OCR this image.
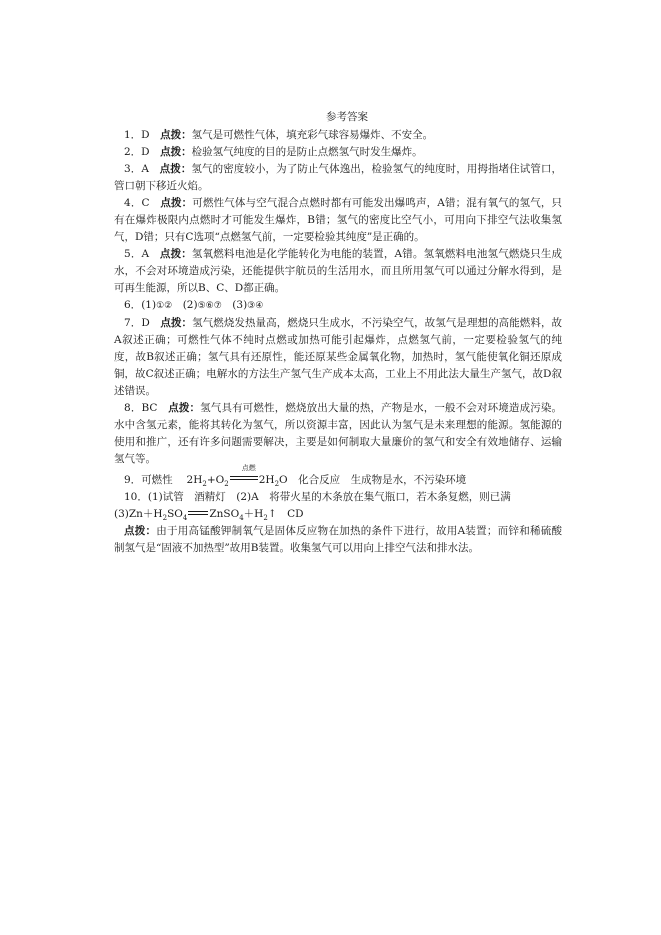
参考答案

1．D　 点拨：氢气是可燃性气体，填充彩气球容易爆炸、不安全。

2．D　 点拨：检验氢气纯度的目的是防止点燃氢气时发生爆炸。

3．A　 点拨：氢气的密度较小，为了防止气体逸出，检验氢气的纯度时，用拇指堵住试管口，管口朝下移近火焰。

4．C　 点拨：可燃性气体与空气混合点燃时都有可能发出爆鸣声，A错；混有氧气的氢气，只有在爆炸极限内点燃时才可能发生爆炸，B错；氢气的密度比空气小，可用向下排空气法收集氢气，D错；只有C选项“点燃氢气前，一定要检验其纯度”是正确的。

5．A　 点拨：氢氧燃料电池是化学能转化为电能的装置，A错。氢氧燃料电池氢气燃烧只生成水，不会对环境造成污染，还能提供宇航员的生活用水，而且所用氢气可以通过分解水得到，是可再生能源，所以B、C、D都正确。

6．(1)①②　 (2)⑤⑥⑦　 (3)③④

7．D　 点拨：氢气燃烧发热量高，燃烧只生成水，不污染空气，故氢气是理想的高能燃料，故A叙述正确；可燃性气体不纯时点燃或加热可能引起爆炸，点燃氢气前，一定要检验氢气的纯度，故B叙述正确；氢气具有还原性，能还原某些金属氧化物，加热时，氢气能使氧化铜还原成铜，故C叙述正确；电解水的方法生产氢气生产成本太高，工业上不用此法大量生产氢气，故D叙述错误。

8．BC　 点拨：氢气具有可燃性，燃烧放出大量的热，产物是水，一般不会对环境造成污染。水中含氢元素，能将其转化为氢气，所以资源丰富，因此认为氢气是未来理想的能源。氢能源的使用和推广，还有许多问题需要解决，主要是如何制取大量廉价的氢气和安全有效地储存、运输氢气等。

9．可燃性　 $2H_2+O_2$
点燃
$2H_2O$　 化合反应　 生成物是水，不污染环境

10．(1)试管　酒精灯　(2)A　将带火星的木条放在集气瓶口，若木条复燃，则已满

$(3)Zn+H_2SO_4$ $ZnSO_4+H_2↑$　CD

点拨：由于用高锰酸钾制氧气是固体反应物在加热的条件下进行，故用A装置；而锌和稀硫酸制氢气是“固液不加热型”故用B装置。收集氢气可以用向上排空气法和排水法。
